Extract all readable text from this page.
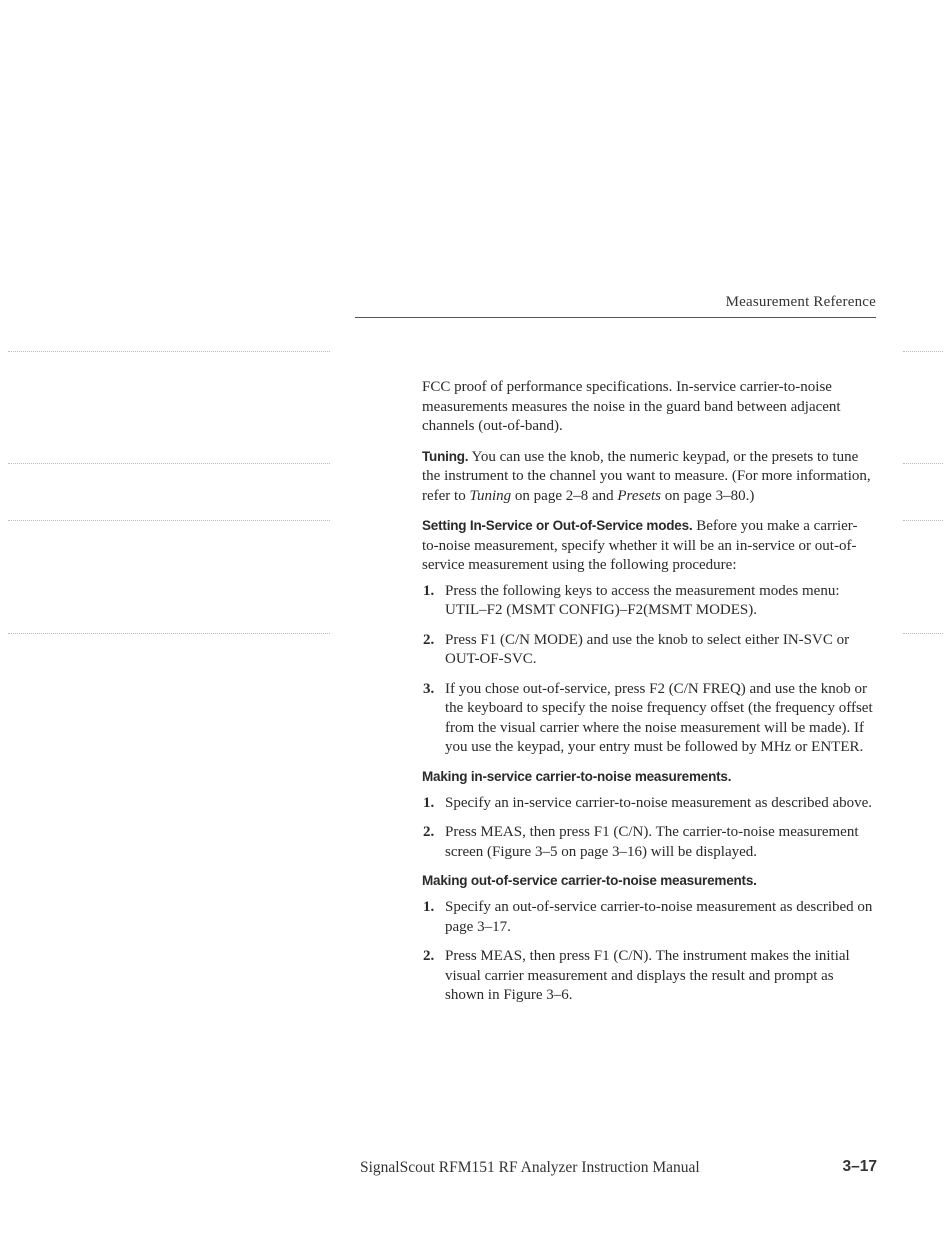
Measurement Reference

FCC proof of performance specifications. In-service carrier-to-noise measurements measures the noise in the guard band between adjacent channels (out-of-band).

Tuning. You can use the knob, the numeric keypad, or the presets to tune the instrument to the channel you want to measure. (For more information, refer to Tuning on page 2–8 and Presets on page 3–80.)

Setting In-Service or Out-of-Service modes. Before you make a carrier-to-noise measurement, specify whether it will be an in-service or out-of-service measurement using the following procedure:

1. Press the following keys to access the measurement modes menu: UTIL–F2 (MSMT CONFIG)–F2(MSMT MODES).
2. Press F1 (C/N MODE) and use the knob to select either IN-SVC or OUT-OF-SVC.
3. If you chose out-of-service, press F2 (C/N FREQ) and use the knob or the keyboard to specify the noise frequency offset (the frequency offset from the visual carrier where the noise measurement will be made). If you use the keypad, your entry must be followed by MHz or ENTER.
Making in-service carrier-to-noise measurements.
1. Specify an in-service carrier-to-noise measurement as described above.
2. Press MEAS, then press F1 (C/N). The carrier-to-noise measurement screen (Figure 3–5 on page 3–16) will be displayed.
Making out-of-service carrier-to-noise measurements.
1. Specify an out-of-service carrier-to-noise measurement as described on page 3–17.
2. Press MEAS, then press F1 (C/N). The instrument makes the initial visual carrier measurement and displays the result and prompt as shown in Figure 3–6.
SignalScout RFM151 RF Analyzer Instruction Manual	3–17
